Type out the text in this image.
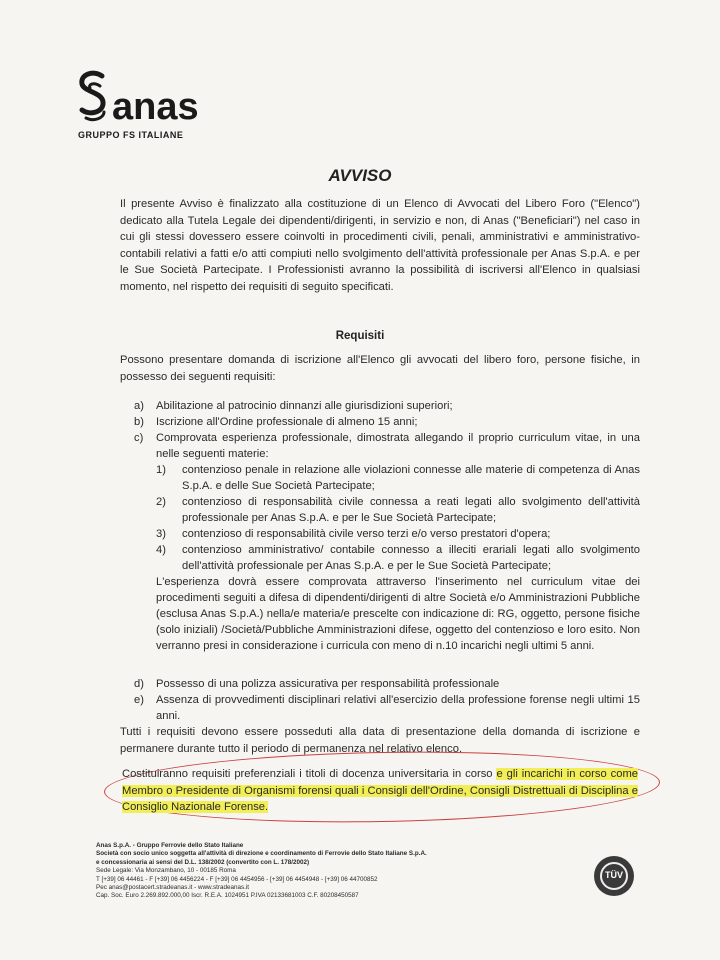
anas
GRUPPO FS ITALIANE
AVVISO
Il presente Avviso è finalizzato alla costituzione di un Elenco di Avvocati del Libero Foro ("Elenco") dedicato alla Tutela Legale dei dipendenti/dirigenti, in servizio e non, di Anas ("Beneficiari") nel caso in cui gli stessi dovessero essere coinvolti in procedimenti civili, penali, amministrativi e amministrativo-contabili relativi a fatti e/o atti compiuti nello svolgimento dell'attività professionale per Anas S.p.A. e per le Sue Società Partecipate. I Professionisti avranno la possibilità di iscriversi all'Elenco in qualsiasi momento, nel rispetto dei requisiti di seguito specificati.
Requisiti
Possono presentare domanda di iscrizione all'Elenco gli avvocati del libero foro, persone fisiche, in possesso dei seguenti requisiti:
a) Abilitazione al patrocinio dinnanzi alle giurisdizioni superiori;
b) Iscrizione all'Ordine professionale di almeno 15 anni;
c) Comprovata esperienza professionale, dimostrata allegando il proprio curriculum vitae, in una nelle seguenti materie:
1) contenzioso penale in relazione alle violazioni connesse alle materie di competenza di Anas S.p.A. e delle Sue Società Partecipate;
2) contenzioso di responsabilità civile connessa a reati legati allo svolgimento dell'attività professionale per Anas S.p.A. e per le Sue Società Partecipate;
3) contenzioso di responsabilità civile verso terzi e/o verso prestatori d'opera;
4) contenzioso amministrativo/ contabile connesso a illeciti erariali legati allo svolgimento dell'attività professionale per Anas S.p.A. e per le Sue Società Partecipate;
L'esperienza dovrà essere comprovata attraverso l'inserimento nel curriculum vitae dei procedimenti seguiti a difesa di dipendenti/dirigenti di altre Società e/o Amministrazioni Pubbliche (esclusa Anas S.p.A.) nella/e materia/e prescelte con indicazione di: RG, oggetto, persone fisiche (solo iniziali) /Società/Pubbliche Amministrazioni difese, oggetto del contenzioso e loro esito. Non verranno presi in considerazione i curricula con meno di n.10 incarichi negli ultimi 5 anni.
d) Possesso di una polizza assicurativa per responsabilità professionale
e) Assenza di provvedimenti disciplinari relativi all'esercizio della professione forense negli ultimi 15 anni.
Tutti i requisiti devono essere posseduti alla data di presentazione della domanda di iscrizione e permanere durante tutto il periodo di permanenza nel relativo elenco.
Costituiranno requisiti preferenziali i titoli di docenza universitaria in corso e gli incarichi in corso come Membro o Presidente di Organismi forensi quali i Consigli dell'Ordine, Consigli Distrettuali di Disciplina e Consiglio Nazionale Forense.
Anas S.p.A. - Gruppo Ferrovie dello Stato Italiane
Società con socio unico soggetta all'attività di direzione e coordinamento di Ferrovie dello Stato Italiane S.p.A.
e concessionaria ai sensi del D.L. 138/2002 (convertito con L. 178/2002)
Sede Legale: Via Monzambano, 10 - 00185 Roma
T [+39] 06 44461 - F [+39] 06 4456224 - F [+39] 06 4454956 - [+39] 06 4454948 - [+39] 06 44700852
Pec anas@postacert.stradeanas.it - www.stradeanas.it
Cap. Soc. Euro 2.269.892.000,00 Iscr. R.E.A. 1024951 P.IVA 02133681003 C.F. 80208450587
TÜV
